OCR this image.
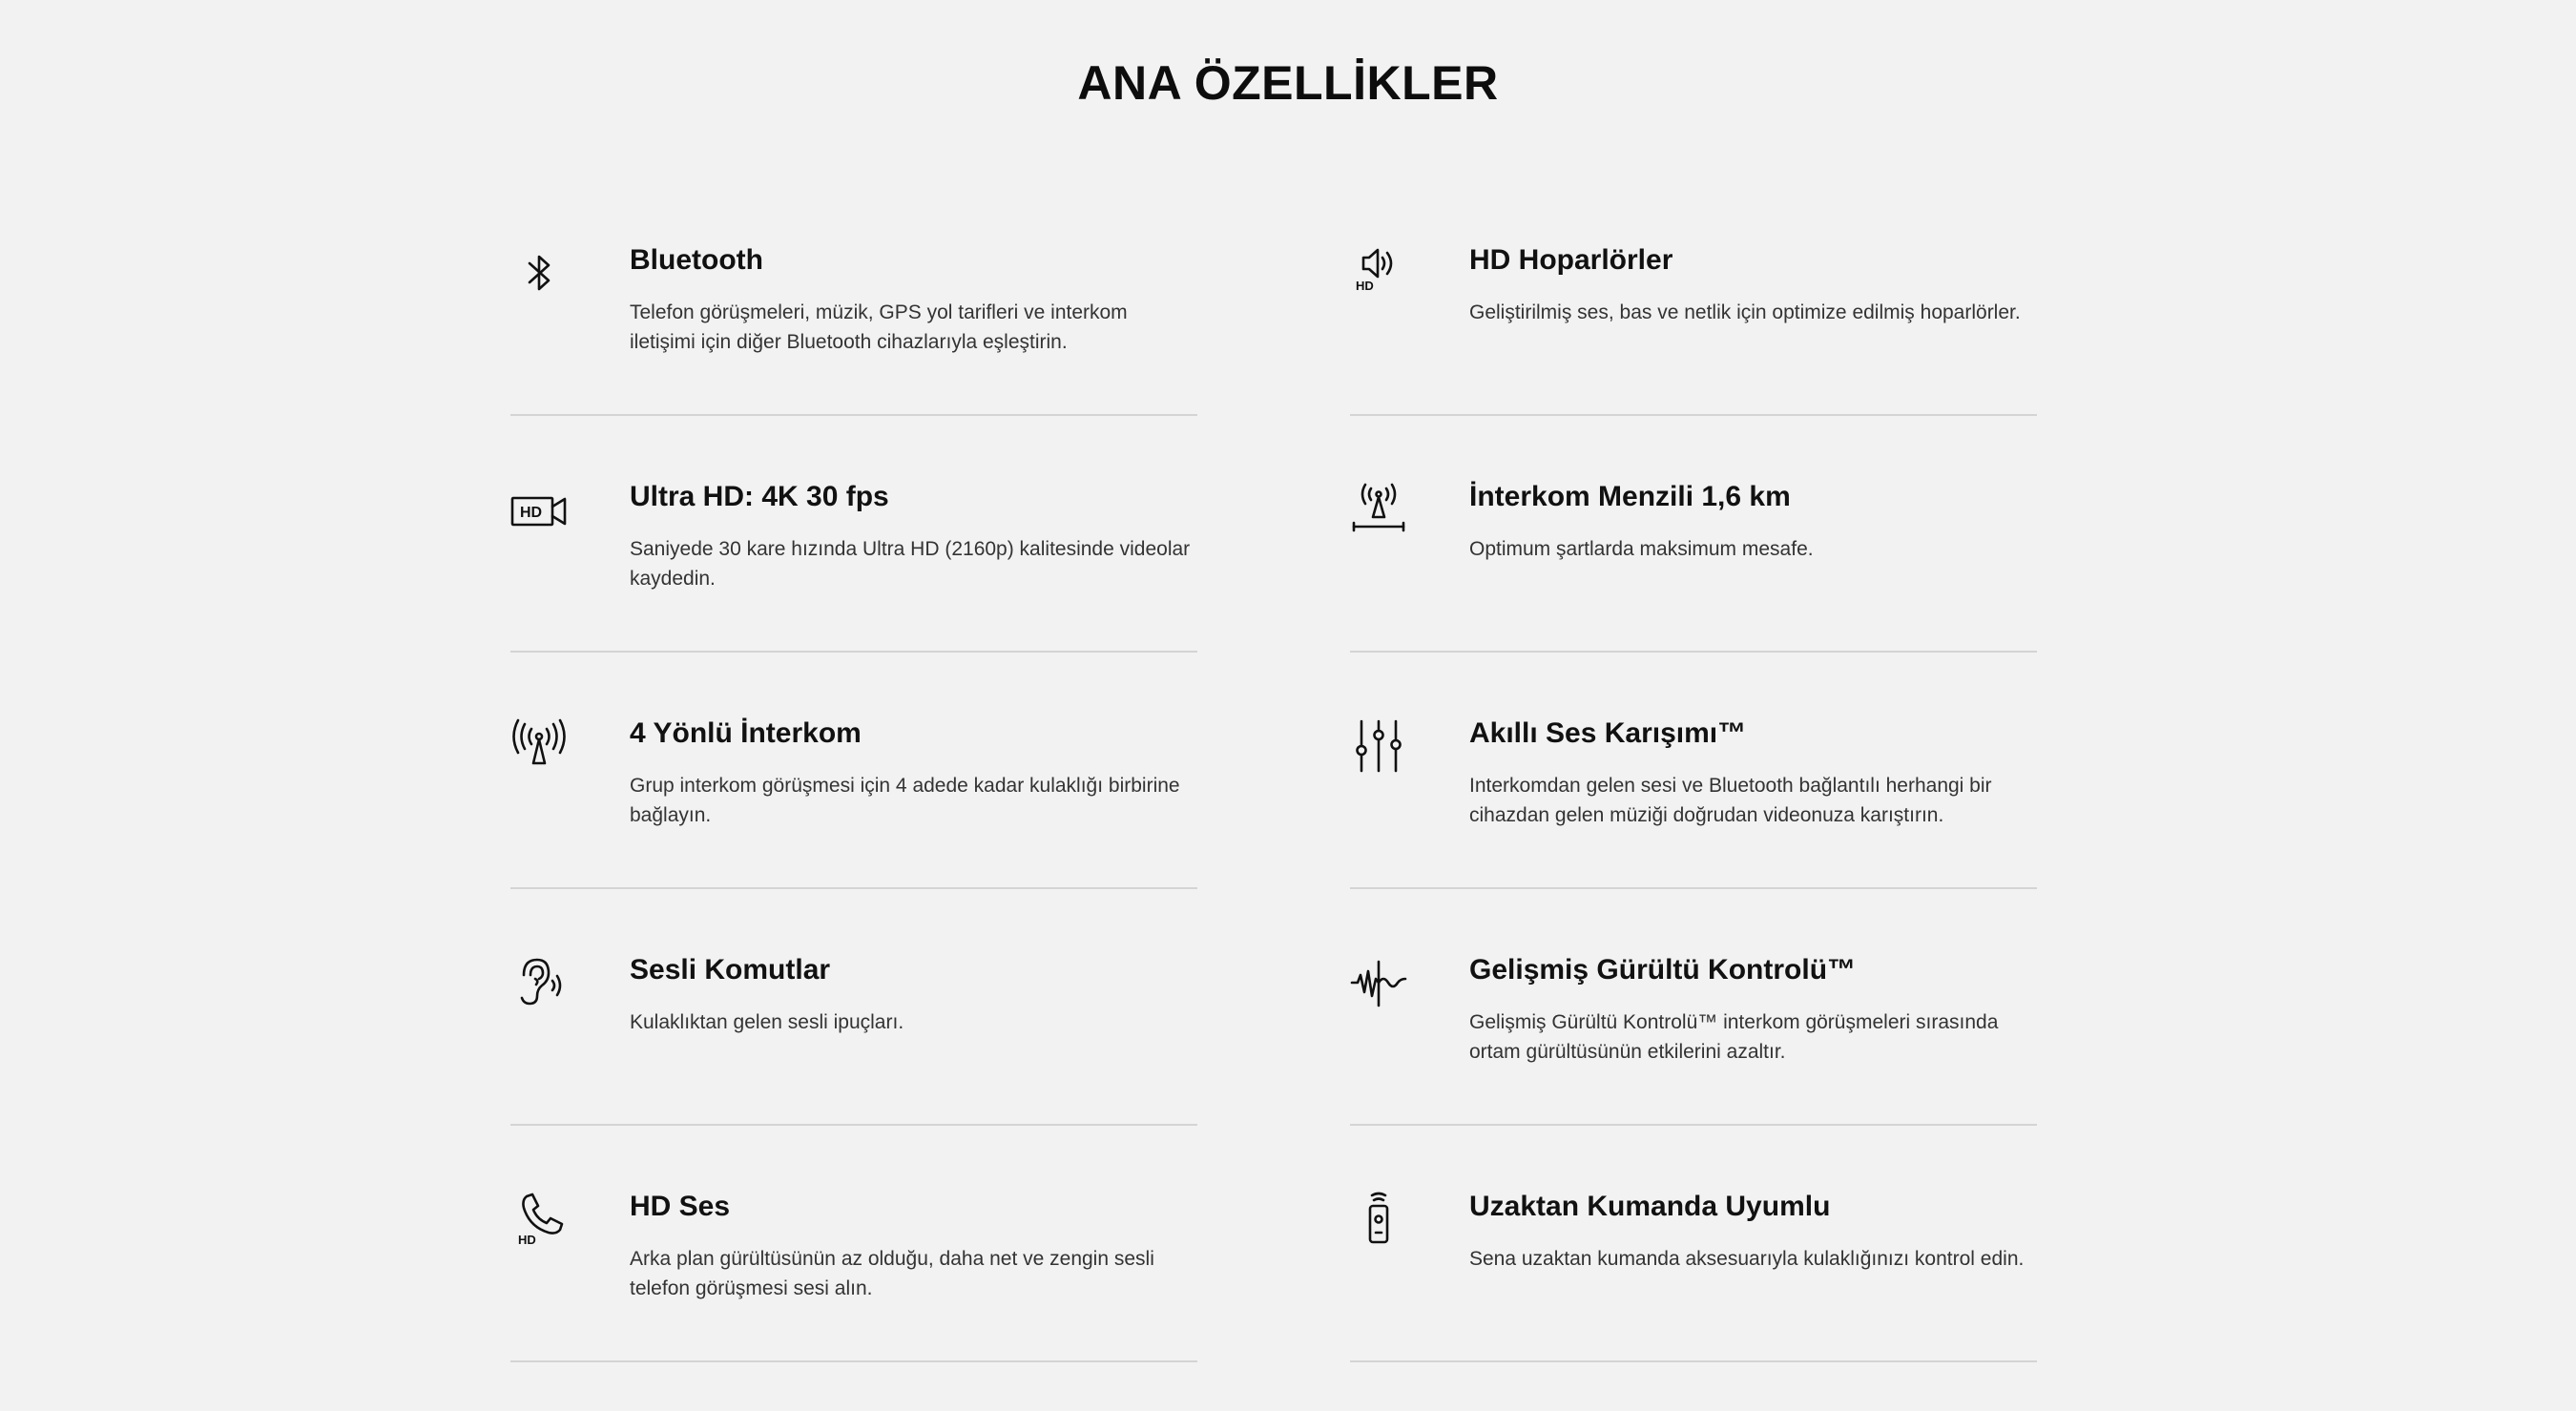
ANA ÖZELLİKLER
Bluetooth
Telefon görüşmeleri, müzik, GPS yol tarifleri ve interkom iletişimi için diğer Bluetooth cihazlarıyla eşleştirin.
HD
HD Hoparlörler
Geliştirilmiş ses, bas ve netlik için optimize edilmiş hoparlörler.
HD
Ultra HD: 4K 30 fps
Saniyede 30 kare hızında Ultra HD (2160p) kalitesinde videolar kaydedin.
İnterkom Menzili 1,6 km
Optimum şartlarda maksimum mesafe.
4 Yönlü İnterkom
Grup interkom görüşmesi için 4 adede kadar kulaklığı birbirine bağlayın.
Akıllı Ses Karışımı™
Interkomdan gelen sesi ve Bluetooth bağlantılı herhangi bir cihazdan gelen müziği doğrudan videonuza karıştırın.
Sesli Komutlar
Kulaklıktan gelen sesli ipuçları.
Gelişmiş Gürültü Kontrolü™
Gelişmiş Gürültü Kontrolü™ interkom görüşmeleri sırasında ortam gürültüsünün etkilerini azaltır.
HD
HD Ses
Arka plan gürültüsünün az olduğu, daha net ve zengin sesli telefon görüşmesi sesi alın.
Uzaktan Kumanda Uyumlu
Sena uzaktan kumanda aksesuarıyla kulaklığınızı kontrol edin.
